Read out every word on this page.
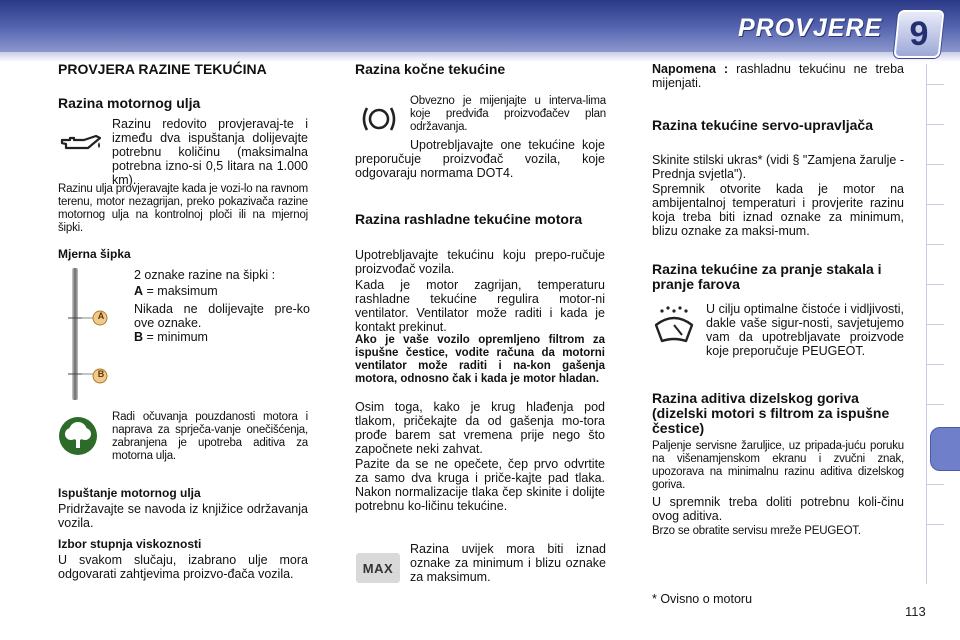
PROVJERE 9

PROVJERA RAZINE TEKUĆINA

Razina motornog ulja

Razinu redovito provjeravaj-te i između dva ispuštanja dolijevajte potrebnu količinu (maksimalna potrebna izno-si 0,5 litara na 1.000 km).

Razinu ulja provjeravajte kada je vozi-lo na ravnom terenu, motor nezagrijan, preko pokazivača razine motornog ulja na kontrolnoj ploči ili na mjernoj šipki.

Mjerna šipka

A
B

2 oznake razine na šipki :

A = maksimum

Nikada ne dolijevajte pre-ko ove oznake.

B = minimum

Radi očuvanja pouzdanosti motora i naprava za sprječa-vanje onečišćenja, zabranjena je upotreba aditiva za motorna ulja.

Ispuštanje motornog ulja

Pridržavajte se navoda iz knjižice održavanja vozila.

Izbor stupnja viskoznosti

U svakom slučaju, izabrano ulje mora odgovarati zahtjevima proizvo-đača vozila.

Razina kočne tekućine

Obvezno je mijenjajte u interva-lima koje predviđa proizvođačev plan održavanja.

Upotrebljavajte one tekućine koje preporučuje proizvođač vozila, koje odgovaraju normama DOT4.

Razina rashladne tekućine motora

Upotrebljavajte tekućinu koju prepo-ručuje proizvođač vozila.

Kada je motor zagrijan, temperaturu rashladne tekućine regulira motor-ni ventilator. Ventilator može raditi i kada je kontakt prekinut.

Ako je vaše vozilo opremljeno filtrom za ispušne čestice, vodite računa da motorni ventilator može raditi i na-kon gašenja motora, odnosno čak i kada je motor hladan.

Osim toga, kako je krug hlađenja pod tlakom, pričekajte da od gašenja mo-tora prođe barem sat vremena prije nego što započnete neki zahvat.

Pazite da se ne opečete, čep prvo odvrtite za samo dva kruga i priče-kajte pad tlaka. Nakon normalizacije tlaka čep skinite i dolijte potrebnu ko-ličinu tekućine.

MAX

Razina uvijek mora biti iznad oznake za minimum i blizu oznake za maksimum.

Napomena : rashladnu tekućinu ne treba mijenjati.

Razina tekućine servo-upravljača

Skinite stilski ukras* (vidi § "Zamjena žarulje - Prednja svjetla").

Spremnik otvorite kada je motor na ambijentalnoj temperaturi i provjerite razinu koja treba biti iznad oznake za minimum, blizu oznake za maksi-mum.

Razina tekućine za pranje stakala i pranje farova

U cilju optimalne čistoće i vidljivosti, dakle vaše sigur-nosti, savjetujemo vam da upotrebljavate proizvode koje preporučuje PEUGEOT.

Razina aditiva dizelskog goriva (dizelski motori s filtrom za ispušne čestice)

Paljenje servisne žaruljice, uz pripada-juću poruku na višenamjenskom ekranu i zvučni znak, upozorava na minimalnu razinu aditiva dizelskog goriva.

U spremnik treba doliti potrebnu koli-činu ovog aditiva.

Brzo se obratite servisu mreže PEUGEOT.

* Ovisno o motoru

113
